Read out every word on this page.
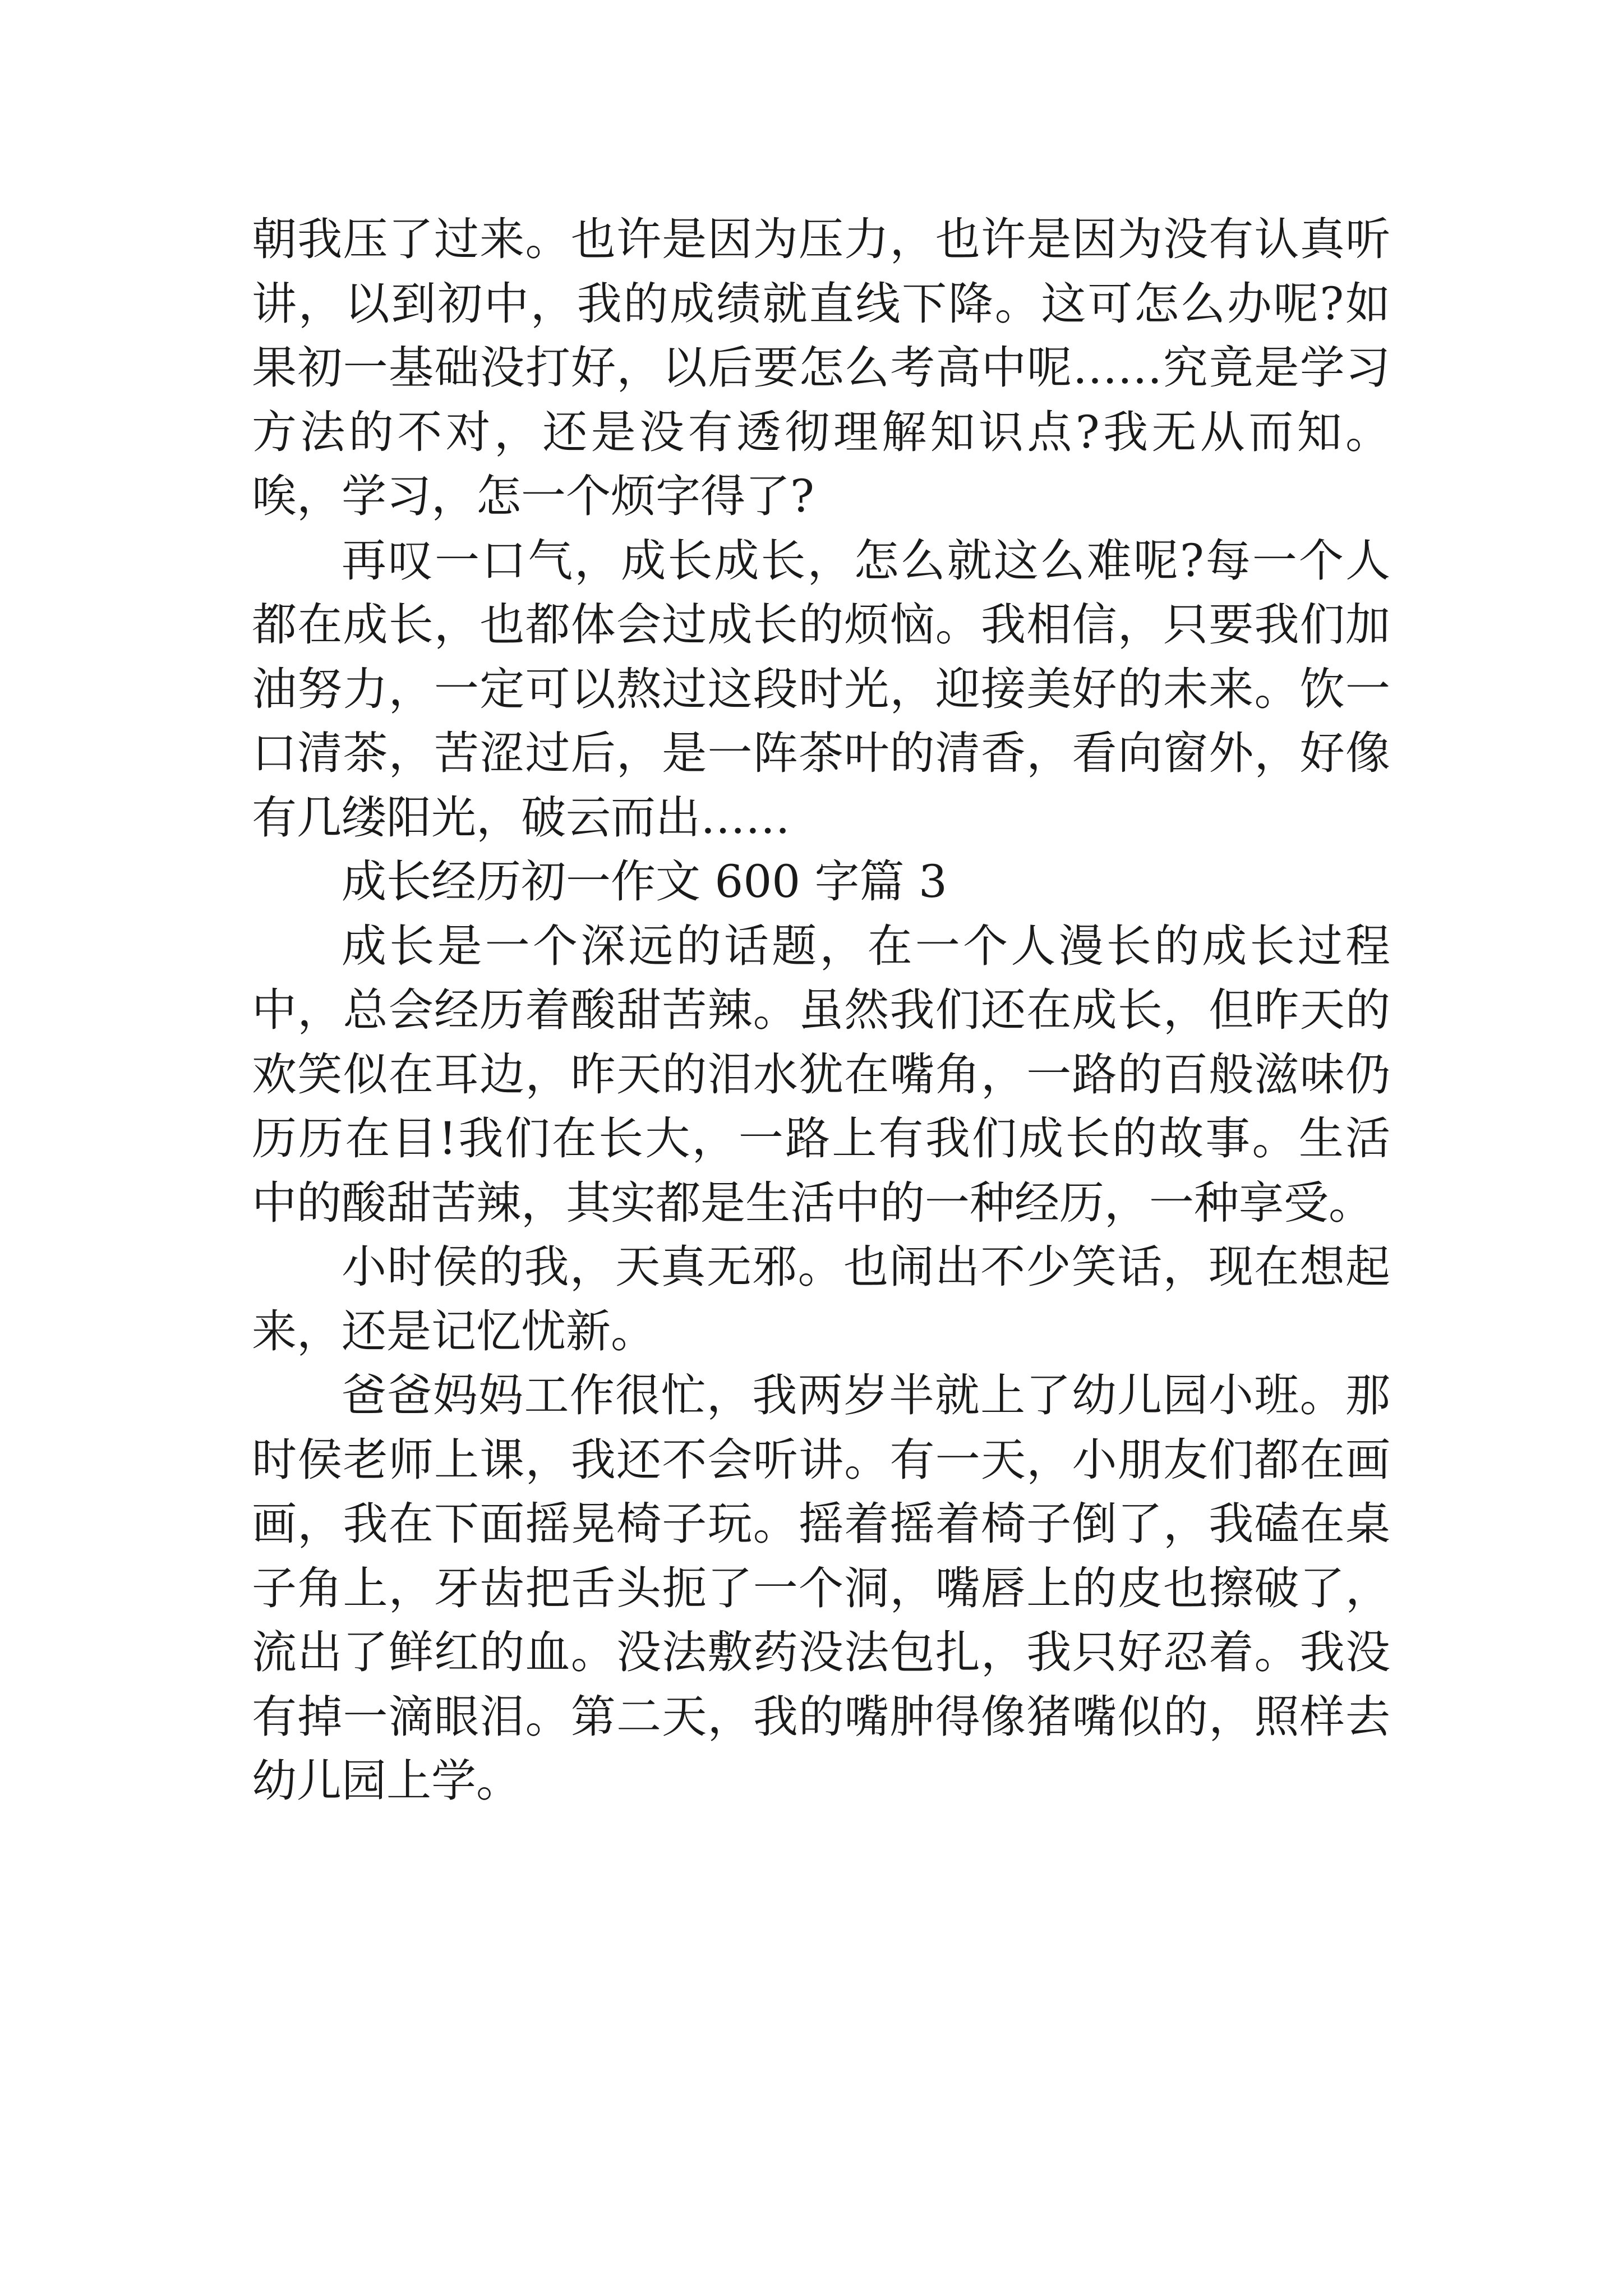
朝我压了过来。也许是因为压力，也许是因为没有认真听讲，以到初中，我的成绩就直线下降。这可怎么办呢?如果初一基础没打好，以后要怎么考高中呢……究竟是学习方法的不对，还是没有透彻理解知识点?我无从而知。唉，学习，怎一个烦字得了?

再叹一口气，成长成长，怎么就这么难呢?每一个人都在成长，也都体会过成长的烦恼。我相信，只要我们加油努力，一定可以熬过这段时光，迎接美好的未来。饮一口清茶，苦涩过后，是一阵茶叶的清香，看向窗外，好像有几缕阳光，破云而出……

成长经历初一作文 600 字篇 3

成长是一个深远的话题，在一个人漫长的成长过程中，总会经历着酸甜苦辣。虽然我们还在成长，但昨天的欢笑似在耳边，昨天的泪水犹在嘴角，一路的百般滋味仍历历在目!我们在长大，一路上有我们成长的故事。生活中的酸甜苦辣，其实都是生活中的一种经历，一种享受。

小时侯的我，天真无邪。也闹出不少笑话，现在想起来，还是记忆忧新。

爸爸妈妈工作很忙，我两岁半就上了幼儿园小班。那时侯老师上课，我还不会听讲。有一天，小朋友们都在画画，我在下面摇晃椅子玩。摇着摇着椅子倒了，我磕在桌子角上，牙齿把舌头扼了一个洞，嘴唇上的皮也擦破了，流出了鲜红的血。没法敷药没法包扎，我只好忍着。我没有掉一滴眼泪。第二天，我的嘴肿得像猪嘴似的，照样去幼儿园上学。
